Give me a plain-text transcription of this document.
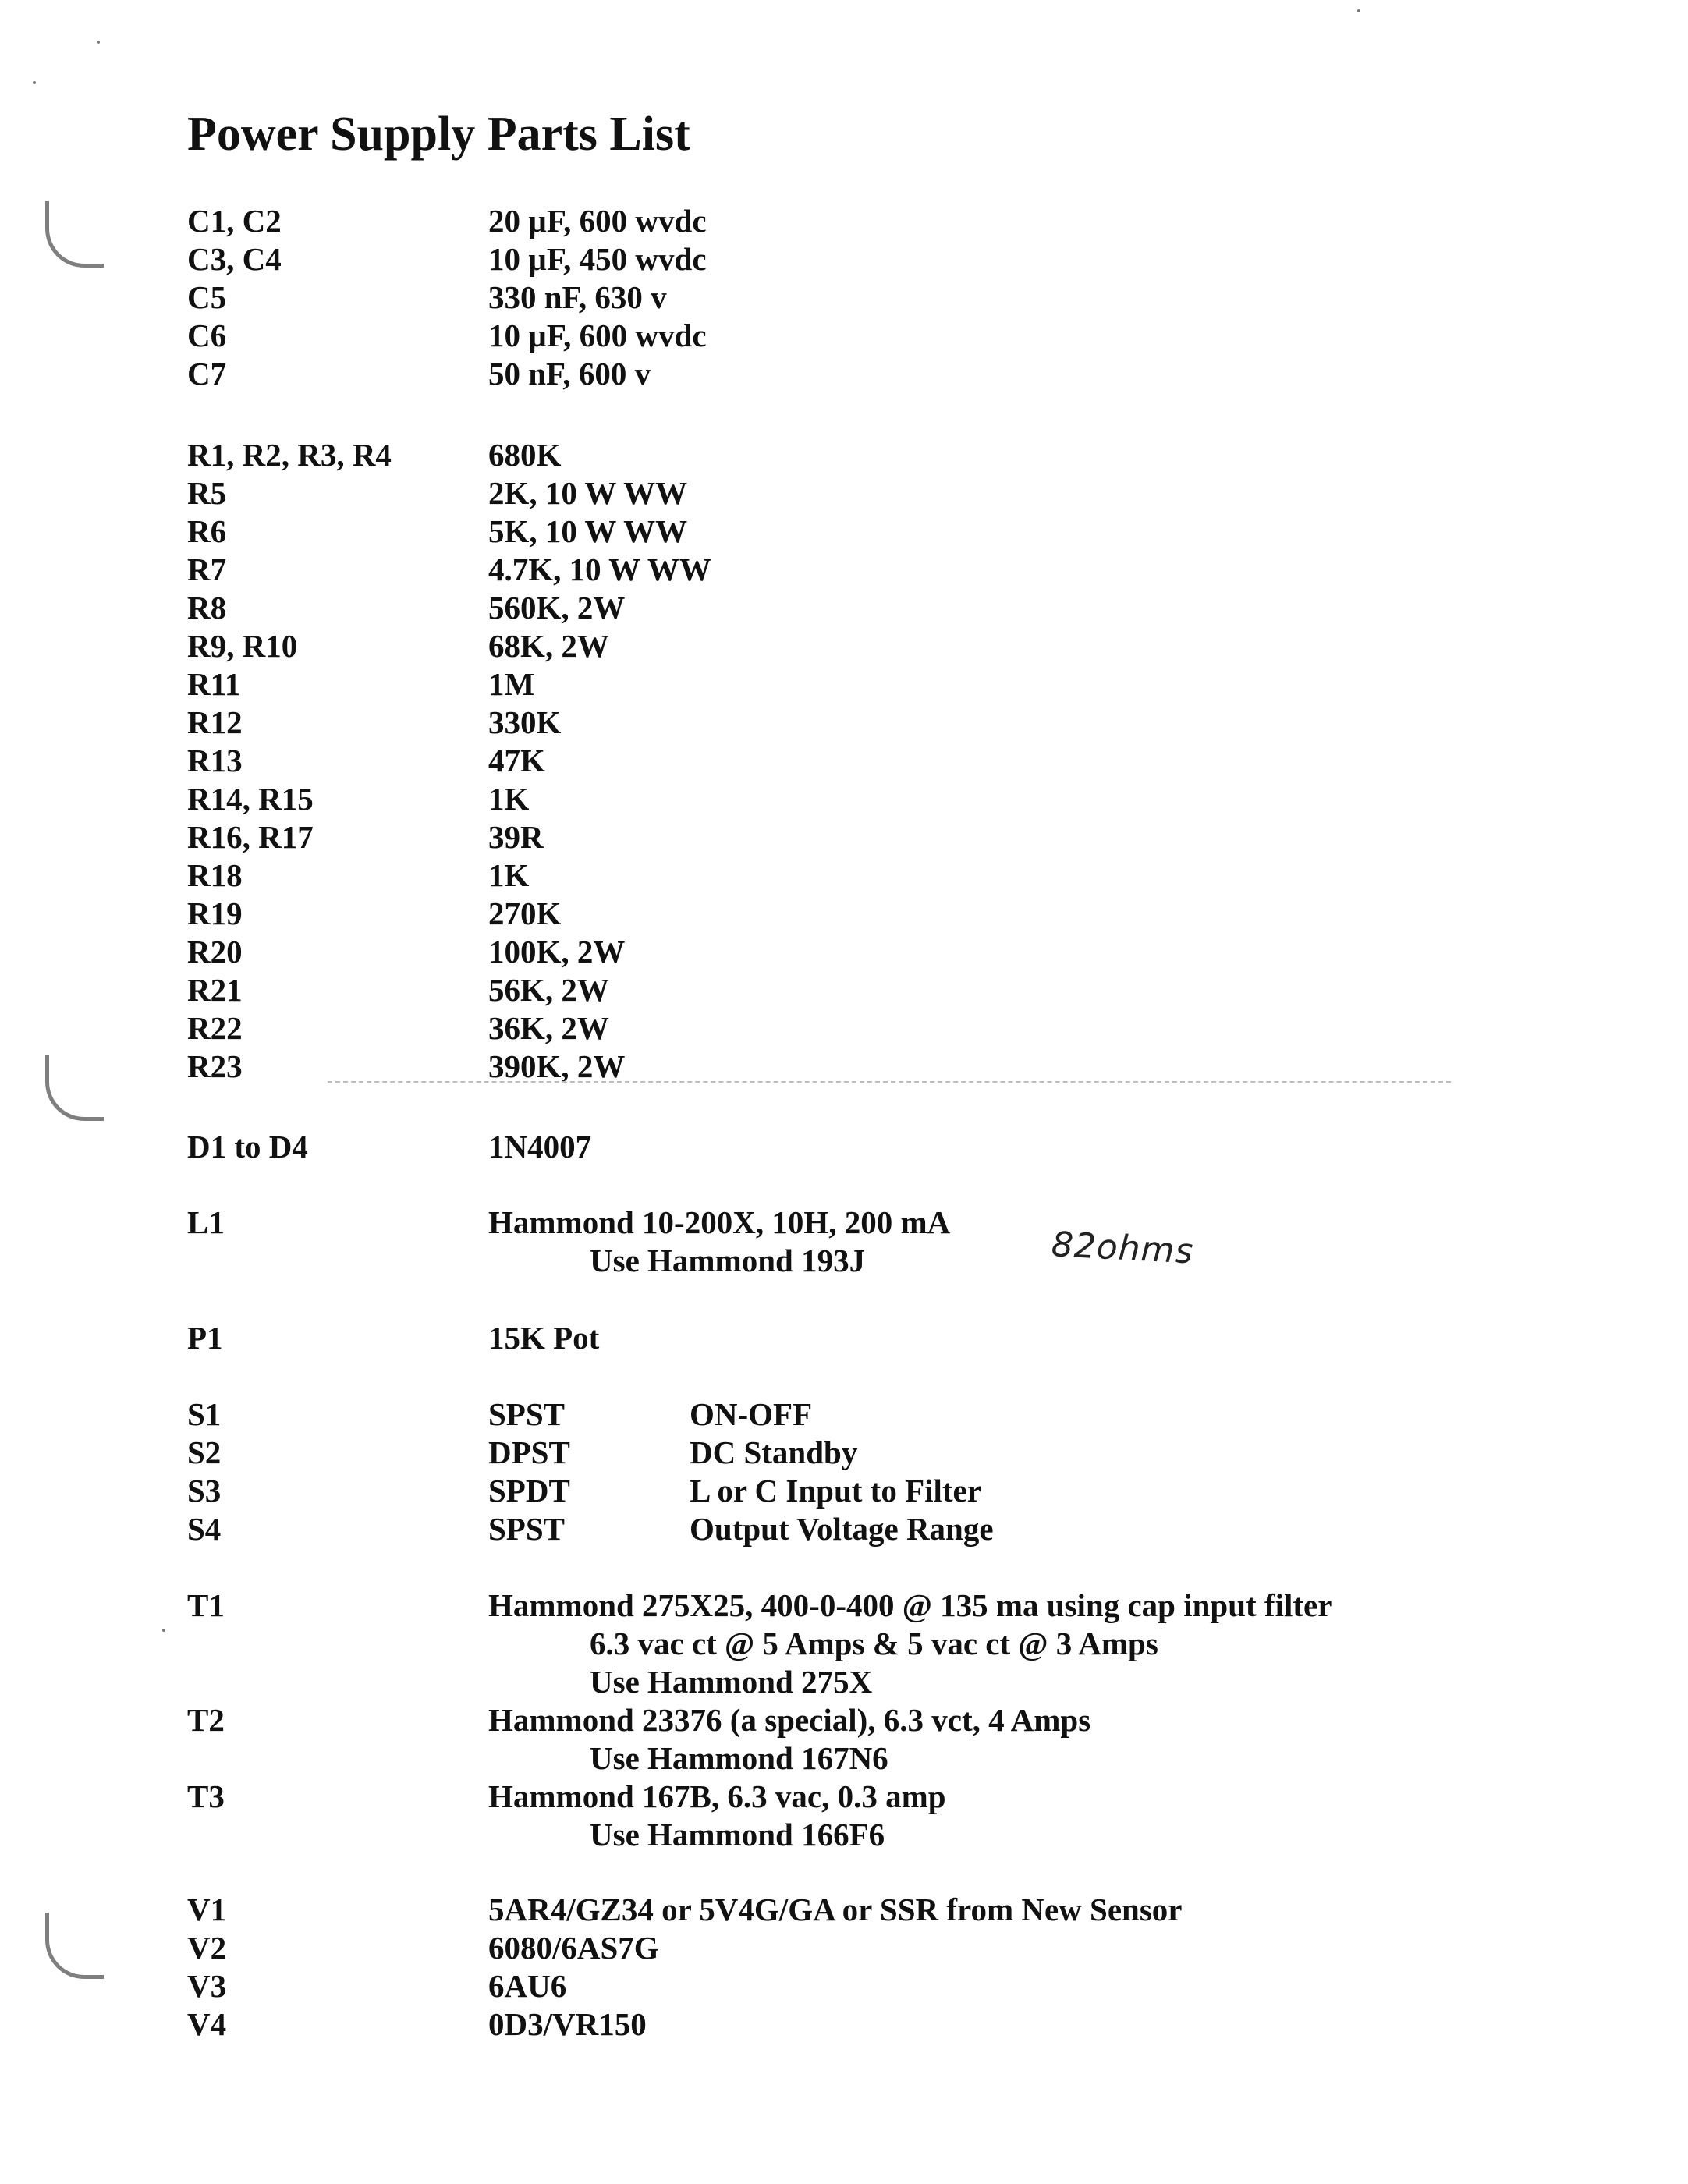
Power Supply Parts List
C1, C2	20 µF, 600 wvdc
C3, C4	10 µF, 450 wvdc
C5	330 nF, 630 v
C6	10 µF, 600 wvdc
C7	50 nF, 600 v
R1, R2, R3, R4	680K
R5	2K, 10 W WW
R6	5K, 10 W WW
R7	4.7K, 10 W WW
R8	560K, 2W
R9, R10	68K, 2W
R11	1M
R12	330K
R13	47K
R14, R15	1K
R16, R17	39R
R18	1K
R19	270K
R20	100K, 2W
R21	56K, 2W
R22	36K, 2W
R23	390K, 2W
D1 to D4	1N4007
L1	Hammond 10-200X, 10H, 200 mA
Use Hammond 193J	82ohms
P1	15K Pot
S1	SPST	ON-OFF
S2	DPST	DC Standby
S3	SPDT	L or C Input to Filter
S4	SPST	Output Voltage Range
T1	Hammond 275X25, 400-0-400 @ 135 ma using cap input filter
6.3 vac ct @ 5 Amps & 5 vac ct @ 3 Amps
Use Hammond 275X
T2	Hammond 23376 (a special), 6.3 vct, 4 Amps
Use Hammond 167N6
T3	Hammond 167B, 6.3 vac, 0.3 amp
Use Hammond 166F6
V1	5AR4/GZ34 or 5V4G/GA or SSR from New Sensor
V2	6080/6AS7G
V3	6AU6
V4	0D3/VR150
